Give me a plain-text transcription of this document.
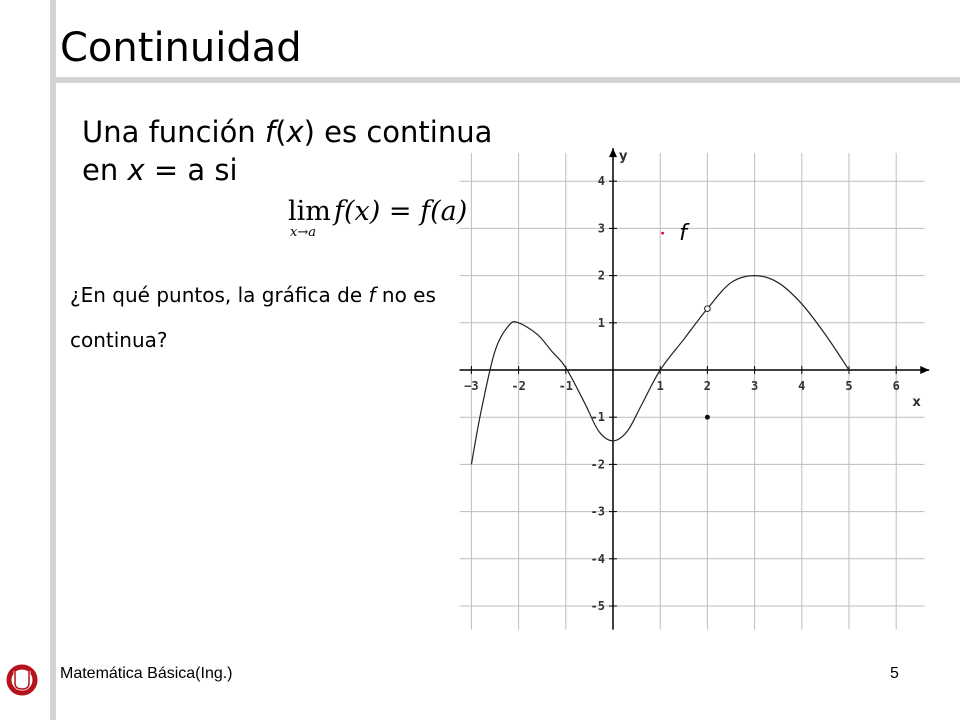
Continuidad
Una función f(x) es continua
en x = a si
lim
x→a
f(x) = f(a)
¿En qué puntos, la gráfica de f no es continua?
x
y
−3	-2	-1	1	2	3	4	5	6
4
3
2
1
-1
-2
-3
-4
-5
f
Matemática Básica(Ing.)	5
